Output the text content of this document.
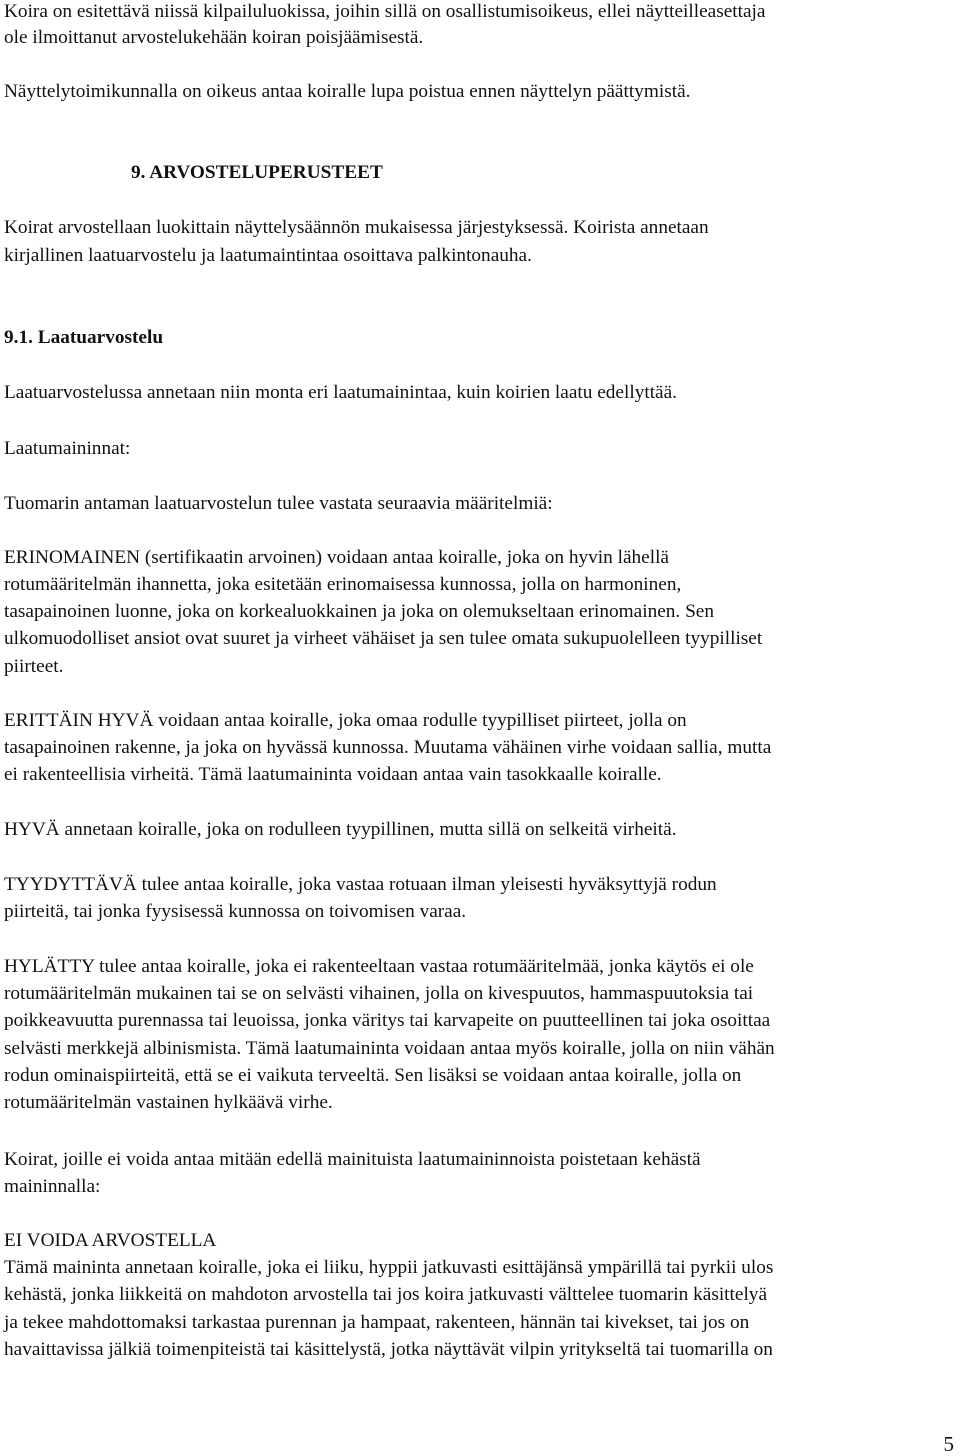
Koira on esitettävä niissä kilpailuluokissa, joihin sillä on osallistumisoikeus, ellei näytteilleasettaja

ole ilmoittanut arvostelukehään koiran poisjäämisestä.

Näyttelytoimikunnalla on oikeus antaa koiralle lupa poistua ennen näyttelyn päättymistä.

9. ARVOSTELUPERUSTEET

Koirat arvostellaan luokittain näyttelysäännön mukaisessa järjestyksessä. Koirista annetaan

kirjallinen laatuarvostelu ja laatumaintintaa osoittava palkintonauha.

9.1. Laatuarvostelu

Laatuarvostelussa annetaan niin monta eri laatumainintaa, kuin koirien laatu edellyttää.

Laatumaininnat:

Tuomarin antaman laatuarvostelun tulee vastata seuraavia määritelmiä:

ERINOMAINEN (sertifikaatin arvoinen) voidaan antaa koiralle, joka on hyvin lähellä

rotumääritelmän ihannetta, joka esitetään erinomaisessa kunnossa, jolla on harmoninen,

tasapainoinen luonne, joka on korkealuokkainen ja joka on olemukseltaan erinomainen. Sen

ulkomuodolliset ansiot ovat suuret ja virheet vähäiset ja sen tulee omata sukupuolelleen tyypilliset

piirteet.

ERITTÄIN HYVÄ voidaan antaa koiralle, joka omaa rodulle tyypilliset piirteet, jolla on

tasapainoinen rakenne, ja joka on hyvässä kunnossa. Muutama vähäinen virhe voidaan sallia, mutta

ei rakenteellisia virheitä. Tämä laatumaininta voidaan antaa vain tasokkaalle koiralle.

HYVÄ annetaan koiralle, joka on rodulleen tyypillinen, mutta sillä on selkeitä virheitä.

TYYDYTTÄVÄ tulee antaa koiralle, joka vastaa rotuaan ilman yleisesti hyväksyttyjä rodun

piirteitä, tai jonka fyysisessä kunnossa on toivomisen varaa.

HYLÄTTY tulee antaa koiralle, joka ei rakenteeltaan vastaa rotumääritelmää, jonka käytös ei ole

rotumääritelmän mukainen tai se on selvästi vihainen, jolla on kivespuutos, hammaspuutoksia tai

poikkeavuutta purennassa tai leuoissa, jonka väritys tai karvapeite on puutteellinen tai joka osoittaa

selvästi merkkejä albinismista. Tämä laatumaininta voidaan antaa myös koiralle, jolla on niin vähän

rodun ominaispiirteitä, että se ei vaikuta terveeltä. Sen lisäksi se voidaan antaa koiralle, jolla on

rotumääritelmän vastainen hylkäävä virhe.

Koirat, joille ei voida antaa mitään edellä mainituista laatumaininnoista poistetaan kehästä

maininnalla:

EI VOIDA ARVOSTELLA

Tämä maininta annetaan koiralle, joka ei liiku, hyppii jatkuvasti esittäjänsä ympärillä tai pyrkii ulos

kehästä, jonka liikkeitä on mahdoton arvostella tai jos koira jatkuvasti välttelee tuomarin käsittelyä

ja tekee mahdottomaksi tarkastaa purennan ja hampaat, rakenteen, hännän tai kivekset, tai jos on

havaittavissa jälkiä toimenpiteistä tai käsittelystä, jotka näyttävät vilpin yritykseltä tai tuomarilla on

5
